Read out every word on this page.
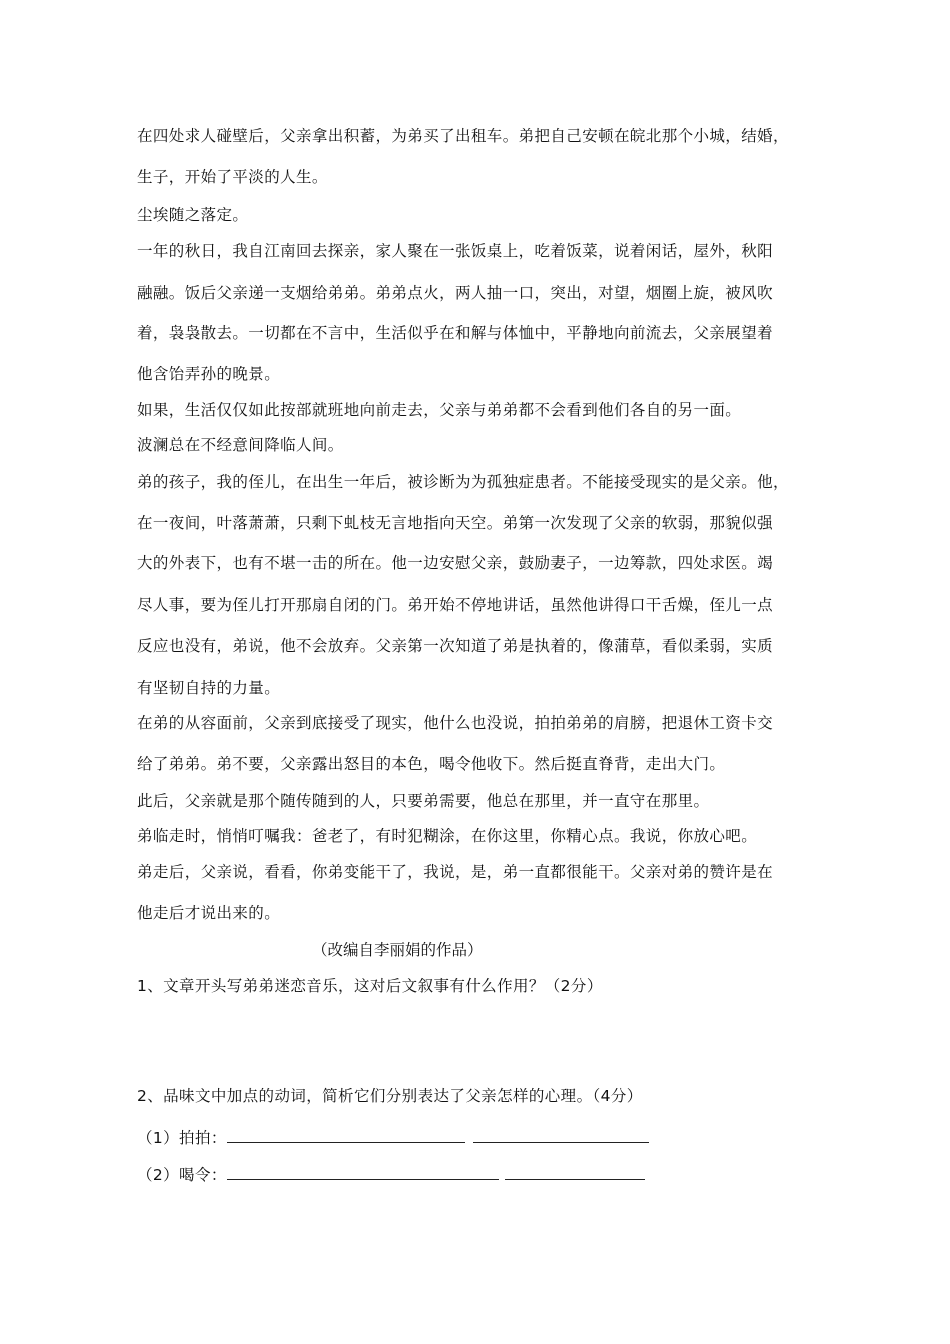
在四处求人碰壁后，父亲拿出积蓄，为弟买了出租车。弟把自己安顿在皖北那个小城，结婚，
生子，开始了平淡的人生。
尘埃随之落定。
一年的秋日，我自江南回去探亲，家人聚在一张饭桌上，吃着饭菜，说着闲话，屋外，秋阳
融融。饭后父亲递一支烟给弟弟。弟弟点火，两人抽一口，突出，对望，烟圈上旋，被风吹
着，袅袅散去。一切都在不言中，生活似乎在和解与体恤中，平静地向前流去，父亲展望着
他含饴弄孙的晚景。
如果，生活仅仅如此按部就班地向前走去，父亲与弟弟都不会看到他们各自的另一面。
波澜总在不经意间降临人间。
弟的孩子，我的侄儿，在出生一年后，被诊断为为孤独症患者。不能接受现实的是父亲。他，
在一夜间，叶落萧萧，只剩下虬枝无言地指向天空。弟第一次发现了父亲的软弱，那貌似强
大的外表下，也有不堪一击的所在。他一边安慰父亲，鼓励妻子，一边筹款，四处求医。竭
尽人事，要为侄儿打开那扇自闭的门。弟开始不停地讲话，虽然他讲得口干舌燥，侄儿一点
反应也没有，弟说，他不会放弃。父亲第一次知道了弟是执着的，像蒲草，看似柔弱，实质
有坚韧自持的力量。
在弟的从容面前，父亲到底接受了现实，他什么也没说，拍拍弟弟的肩膀，把退休工资卡交
给了弟弟。弟不要，父亲露出怒目的本色，喝令他收下。然后挺直脊背，走出大门。
此后，父亲就是那个随传随到的人，只要弟需要，他总在那里，并一直守在那里。
弟临走时，悄悄叮嘱我：爸老了，有时犯糊涂，在你这里，你精心点。我说，你放心吧。
弟走后，父亲说，看看，你弟变能干了，我说，是，弟一直都很能干。父亲对弟的赞许是在
他走后才说出来的。
（改编自李丽娟的作品）
1、文章开头写弟弟迷恋音乐，这对后文叙事有什么作用？（2分）
2、品味文中加点的动词，简析它们分别表达了父亲怎样的心理。（4分）
（1）拍拍：
（2）喝令：
